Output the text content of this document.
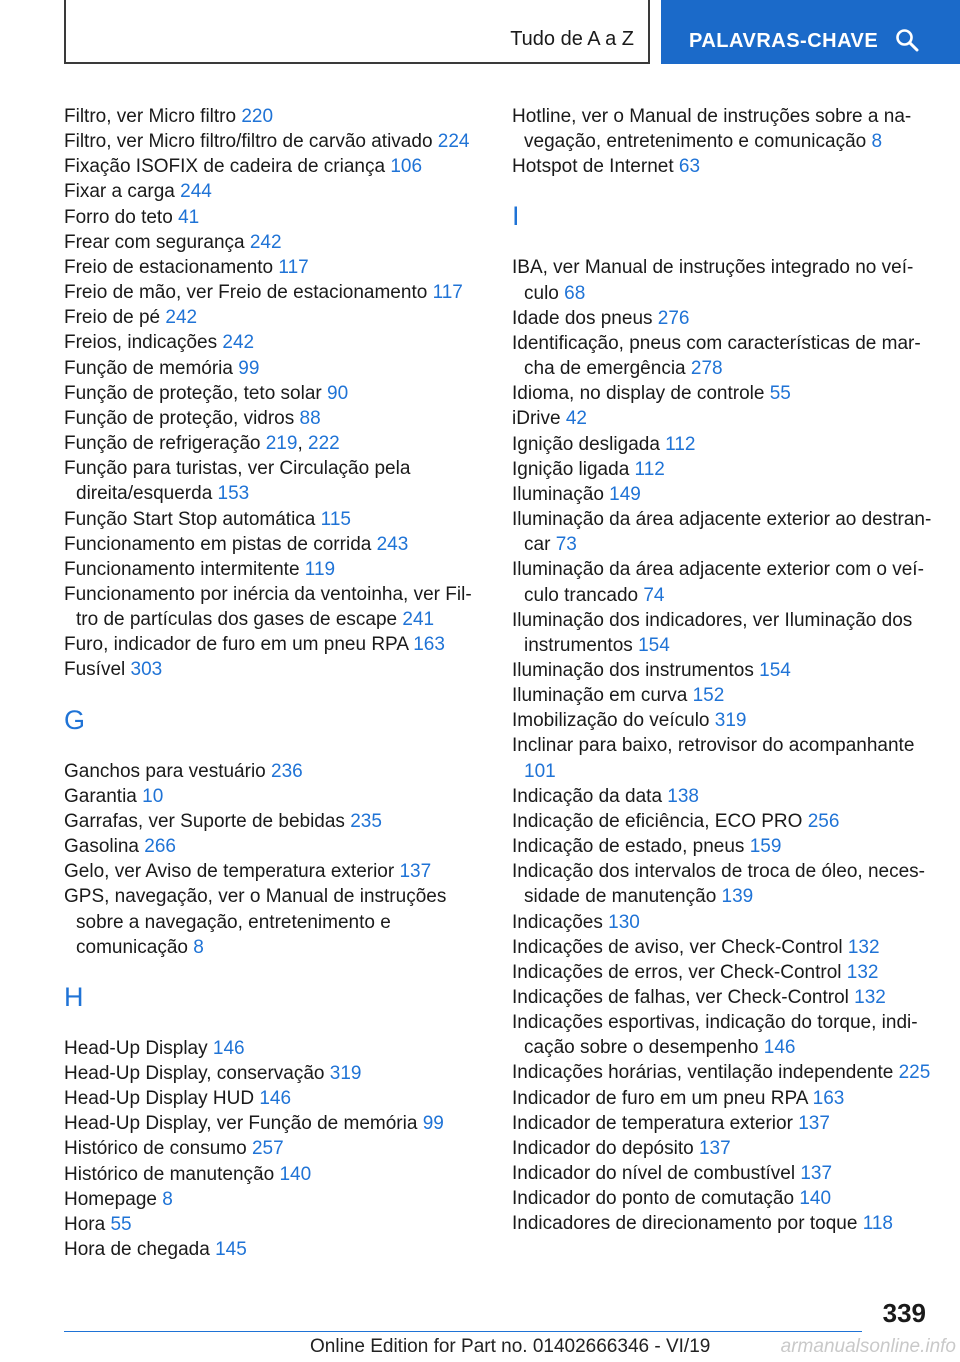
Tudo de A a Z	PALAVRAS-CHAVE
Filtro, ver Micro filtro 220
Filtro, ver Micro filtro/filtro de carvão ativado 224
Fixação ISOFIX de cadeira de criança 106
Fixar a carga 244
Forro do teto 41
Frear com segurança 242
Freio de estacionamento 117
Freio de mão, ver Freio de estacionamento 117
Freio de pé 242
Freios, indicações 242
Função de memória 99
Função de proteção, teto solar 90
Função de proteção, vidros 88
Função de refrigeração 219, 222
Função para turistas, ver Circulação pela direita/esquerda 153
Função Start Stop automática 115
Funcionamento em pistas de corrida 243
Funcionamento intermitente 119
Funcionamento por inércia da ventoinha, ver Filtro de partículas dos gases de escape 241
Furo, indicador de furo em um pneu RPA 163
Fusível 303
G
Ganchos para vestuário 236
Garantia 10
Garrafas, ver Suporte de bebidas 235
Gasolina 266
Gelo, ver Aviso de temperatura exterior 137
GPS, navegação, ver o Manual de instruções sobre a navegação, entretenimento e comunicação 8
H
Head-Up Display 146
Head-Up Display, conservação 319
Head-Up Display HUD 146
Head-Up Display, ver Função de memória 99
Histórico de consumo 257
Histórico de manutenção 140
Homepage 8
Hora 55
Hora de chegada 145
Hotline, ver o Manual de instruções sobre a navegação, entretenimento e comunicação 8
Hotspot de Internet 63
I
IBA, ver Manual de instruções integrado no veículo 68
Idade dos pneus 276
Identificação, pneus com características de marcha de emergência 278
Idioma, no display de controle 55
iDrive 42
Ignição desligada 112
Ignição ligada 112
Iluminação 149
Iluminação da área adjacente exterior ao destrancar 73
Iluminação da área adjacente exterior com o veículo trancado 74
Iluminação dos indicadores, ver Iluminação dos instrumentos 154
Iluminação dos instrumentos 154
Iluminação em curva 152
Imobilização do veículo 319
Inclinar para baixo, retrovisor do acompanhante 101
Indicação da data 138
Indicação de eficiência, ECO PRO 256
Indicação de estado, pneus 159
Indicação dos intervalos de troca de óleo, necessidade de manutenção 139
Indicações 130
Indicações de aviso, ver Check-Control 132
Indicações de erros, ver Check-Control 132
Indicações de falhas, ver Check-Control 132
Indicações esportivas, indicação do torque, indicação sobre o desempenho 146
Indicações horárias, ventilação independente 225
Indicador de furo em um pneu RPA 163
Indicador de temperatura exterior 137
Indicador do depósito 137
Indicador do nível de combustível 137
Indicador do ponto de comutação 140
Indicadores de direcionamento por toque 118
339
Online Edition for Part no. 01402666346 - VI/19	armanualsonline.info
